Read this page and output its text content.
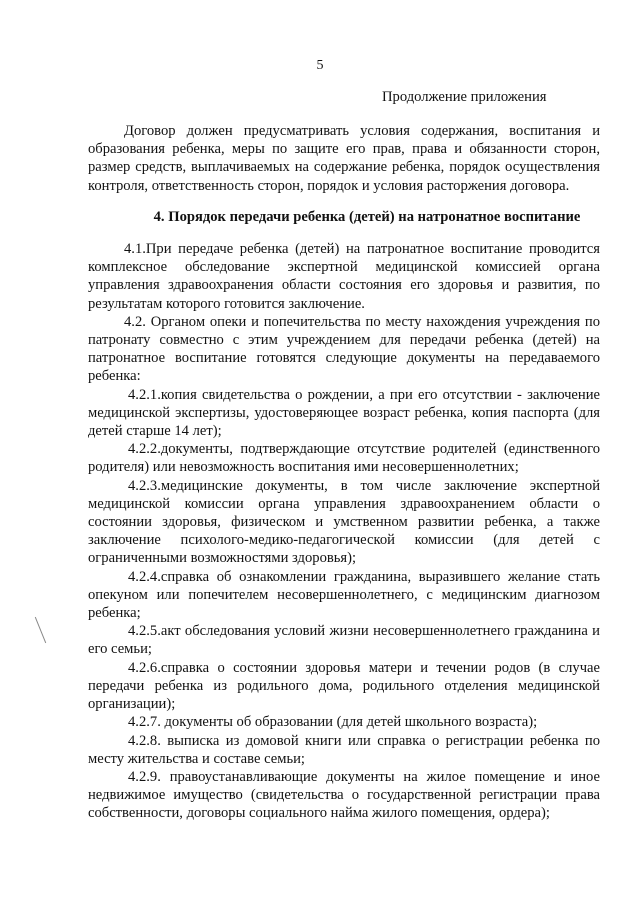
5
Продолжение приложения

Договор должен предусматривать условия содержания, воспитания и образования ребенка, меры по защите его прав, права и обязанности сторон, размер средств, выплачиваемых на содержание ребенка, порядок осуществления контроля, ответственность сторон, порядок и условия расторжения договора.

4. Порядок передачи ребенка (детей) на натронатное воспитание

4.1.При передаче ребенка (детей) на патронатное воспитание проводится комплексное обследование экспертной медицинской комиссией органа управления здравоохранения области состояния его здоровья и развития, по результатам которого готовится заключение.

4.2. Органом опеки и попечительства по месту нахождения учреждения по патронату совместно с этим учреждением для передачи ребенка (детей) на патронатное воспитание готовятся следующие документы на передаваемого ребенка:

4.2.1.копия свидетельства о рождении, а при его отсутствии - заключение медицинской экспертизы, удостоверяющее возраст ребенка, копия паспорта (для детей старше 14 лет);

4.2.2.документы, подтверждающие отсутствие родителей (единственного родителя) или невозможность воспитания ими несовершеннолетних;

4.2.3.медицинские документы, в том числе заключение экспертной медицинской комиссии органа управления здравоохранением области о состоянии здоровья, физическом и умственном развитии ребенка, а также заключение психолого-медико-педагогической комиссии (для детей с ограниченными возможностями здоровья);

4.2.4.справка об ознакомлении гражданина, выразившего желание стать опекуном или попечителем несовершеннолетнего, с медицинским диагнозом ребенка;

4.2.5.акт обследования условий жизни несовершеннолетнего гражданина и его семьи;

4.2.6.справка о состоянии здоровья матери и течении родов (в случае передачи ребенка из родильного дома, родильного отделения медицинской организации);

4.2.7. документы об образовании (для детей школьного возраста);

4.2.8. выписка из домовой книги или справка о регистрации ребенка по месту жительства и составе семьи;

4.2.9. правоустанавливающие документы на жилое помещение и иное недвижимое имущество (свидетельства о государственной регистрации права собственности, договоры социального найма жилого помещения, ордера);
